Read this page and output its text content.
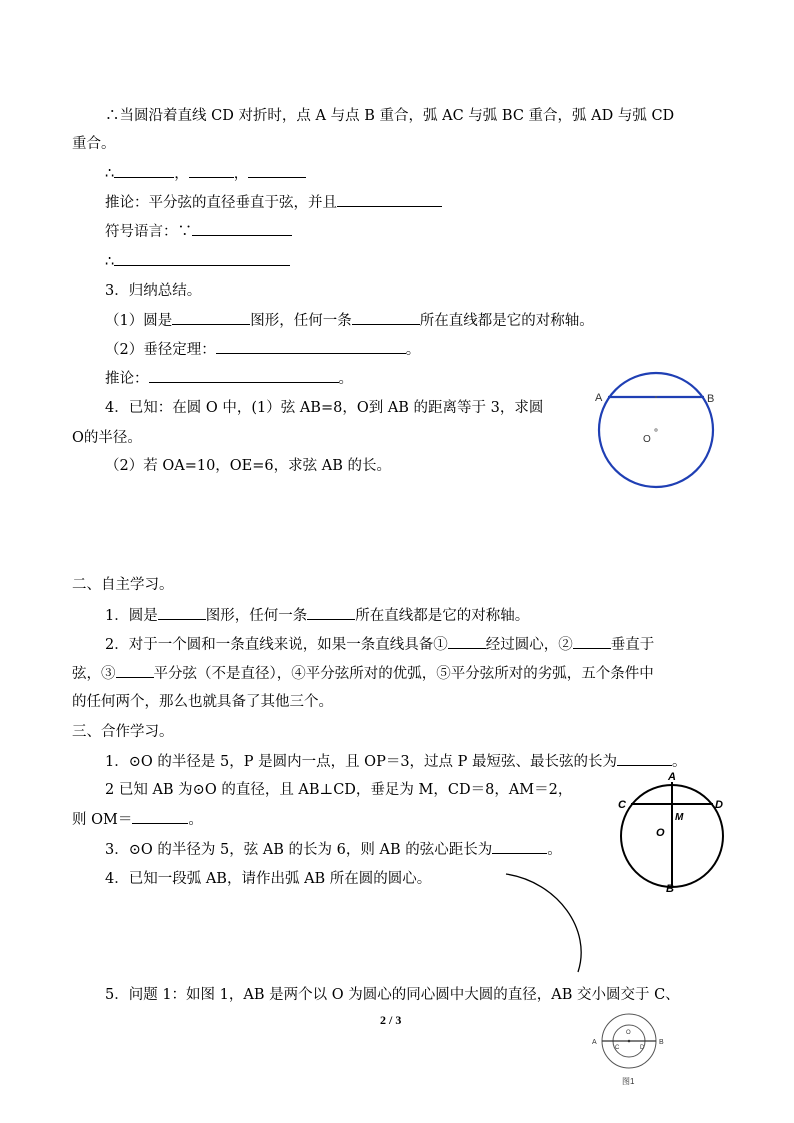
∴当圆沿着直线 CD 对折时，点 A 与点 B 重合，弧 AC 与弧 BC 重合，弧 AD 与弧 CD
重合。
∴	，	，
推论：平分弦的直径垂直于弦，并且
符号语言：∵
∴
3．归纳总结。
（1）圆是	图形，任何一条	所在直线都是它的对称轴。
（2）垂径定理：	。
推论：	。
4．已知：在圆 O 中，(1）弦 AB=8，O到 AB 的距离等于 3，求圆
O的半径。
（2）若 OA=10，OE=6，求弦 AB 的长。
A	B
O
二、自主学习。
1．圆是	图形，任何一条	所在直线都是它的对称轴。
2．对于一个圆和一条直线来说，如果一条直线具备①	经过圆心，②	垂直于
弦，③	平分弦（不是直径），④平分弦所对的优弧，⑤平分弦所对的劣弧，五个条件中
的任何两个，那么也就具备了其他三个。
三、合作学习。
1．⊙O 的半径是 5，P 是圆内一点，且 OP＝3，过点 P 最短弦、最长弦的长为	。
2 已知 AB 为⊙O 的直径，且 AB⊥CD，垂足为 M，CD＝8，AM＝2，
则 OM＝	。
3．⊙O 的半径为 5，弦 AB 的长为 6，则 AB 的弦心距长为	。
4．已知一段弧 AB，请作出弧 AB 所在圆的圆心。
5．问题 1：如图 1，AB 是两个以 O 为圆心的同心圆中大圆的直径，AB 交小圆交于 C、
A
C	D
M
O
B
A	B
C	D
O
图1
2 / 3
